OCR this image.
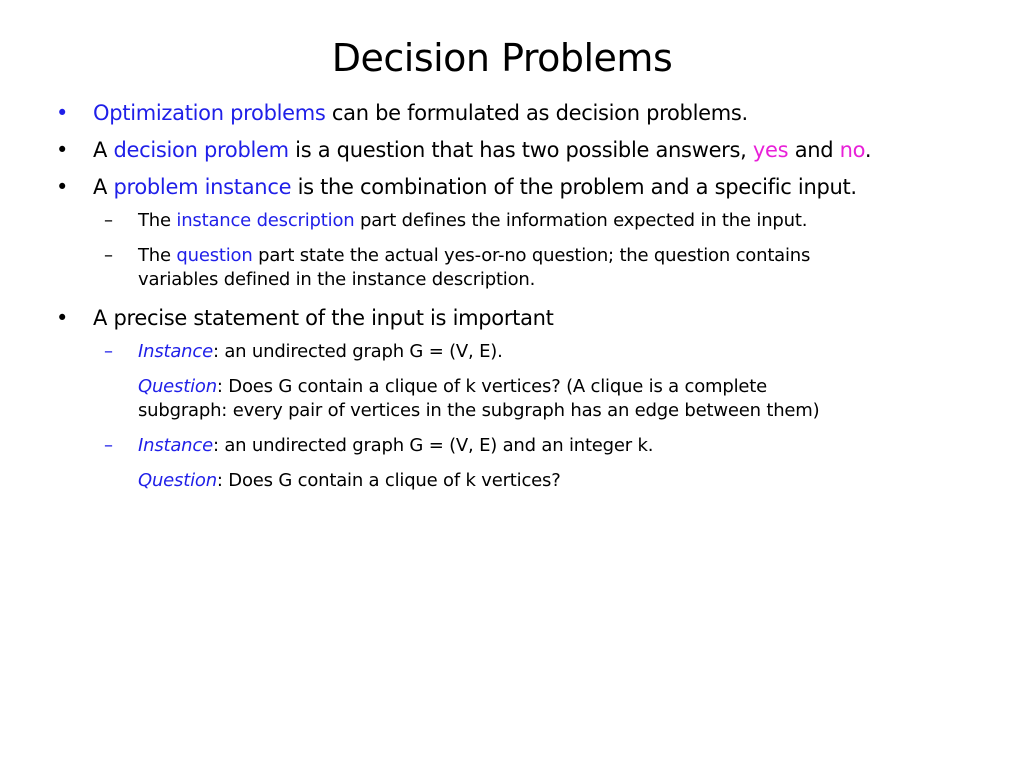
Decision Problems
•	Optimization problems can be formulated as decision problems.
•	A decision problem is a question that has two possible answers, yes and no.
•	A problem instance is the combination of the problem and a specific input.
–	The instance description part defines the information expected in the input.
–	The question part state the actual yes-or-no question; the question contains
variables defined in the instance description.
•	A precise statement of the input is important
–	Instance: an undirected graph G = (V, E).
Question: Does G contain a clique of k vertices? (A clique is a complete
subgraph: every pair of vertices in the subgraph has an edge between them)
–	Instance: an undirected graph G = (V, E) and an integer k.
Question: Does G contain a clique of k vertices?
